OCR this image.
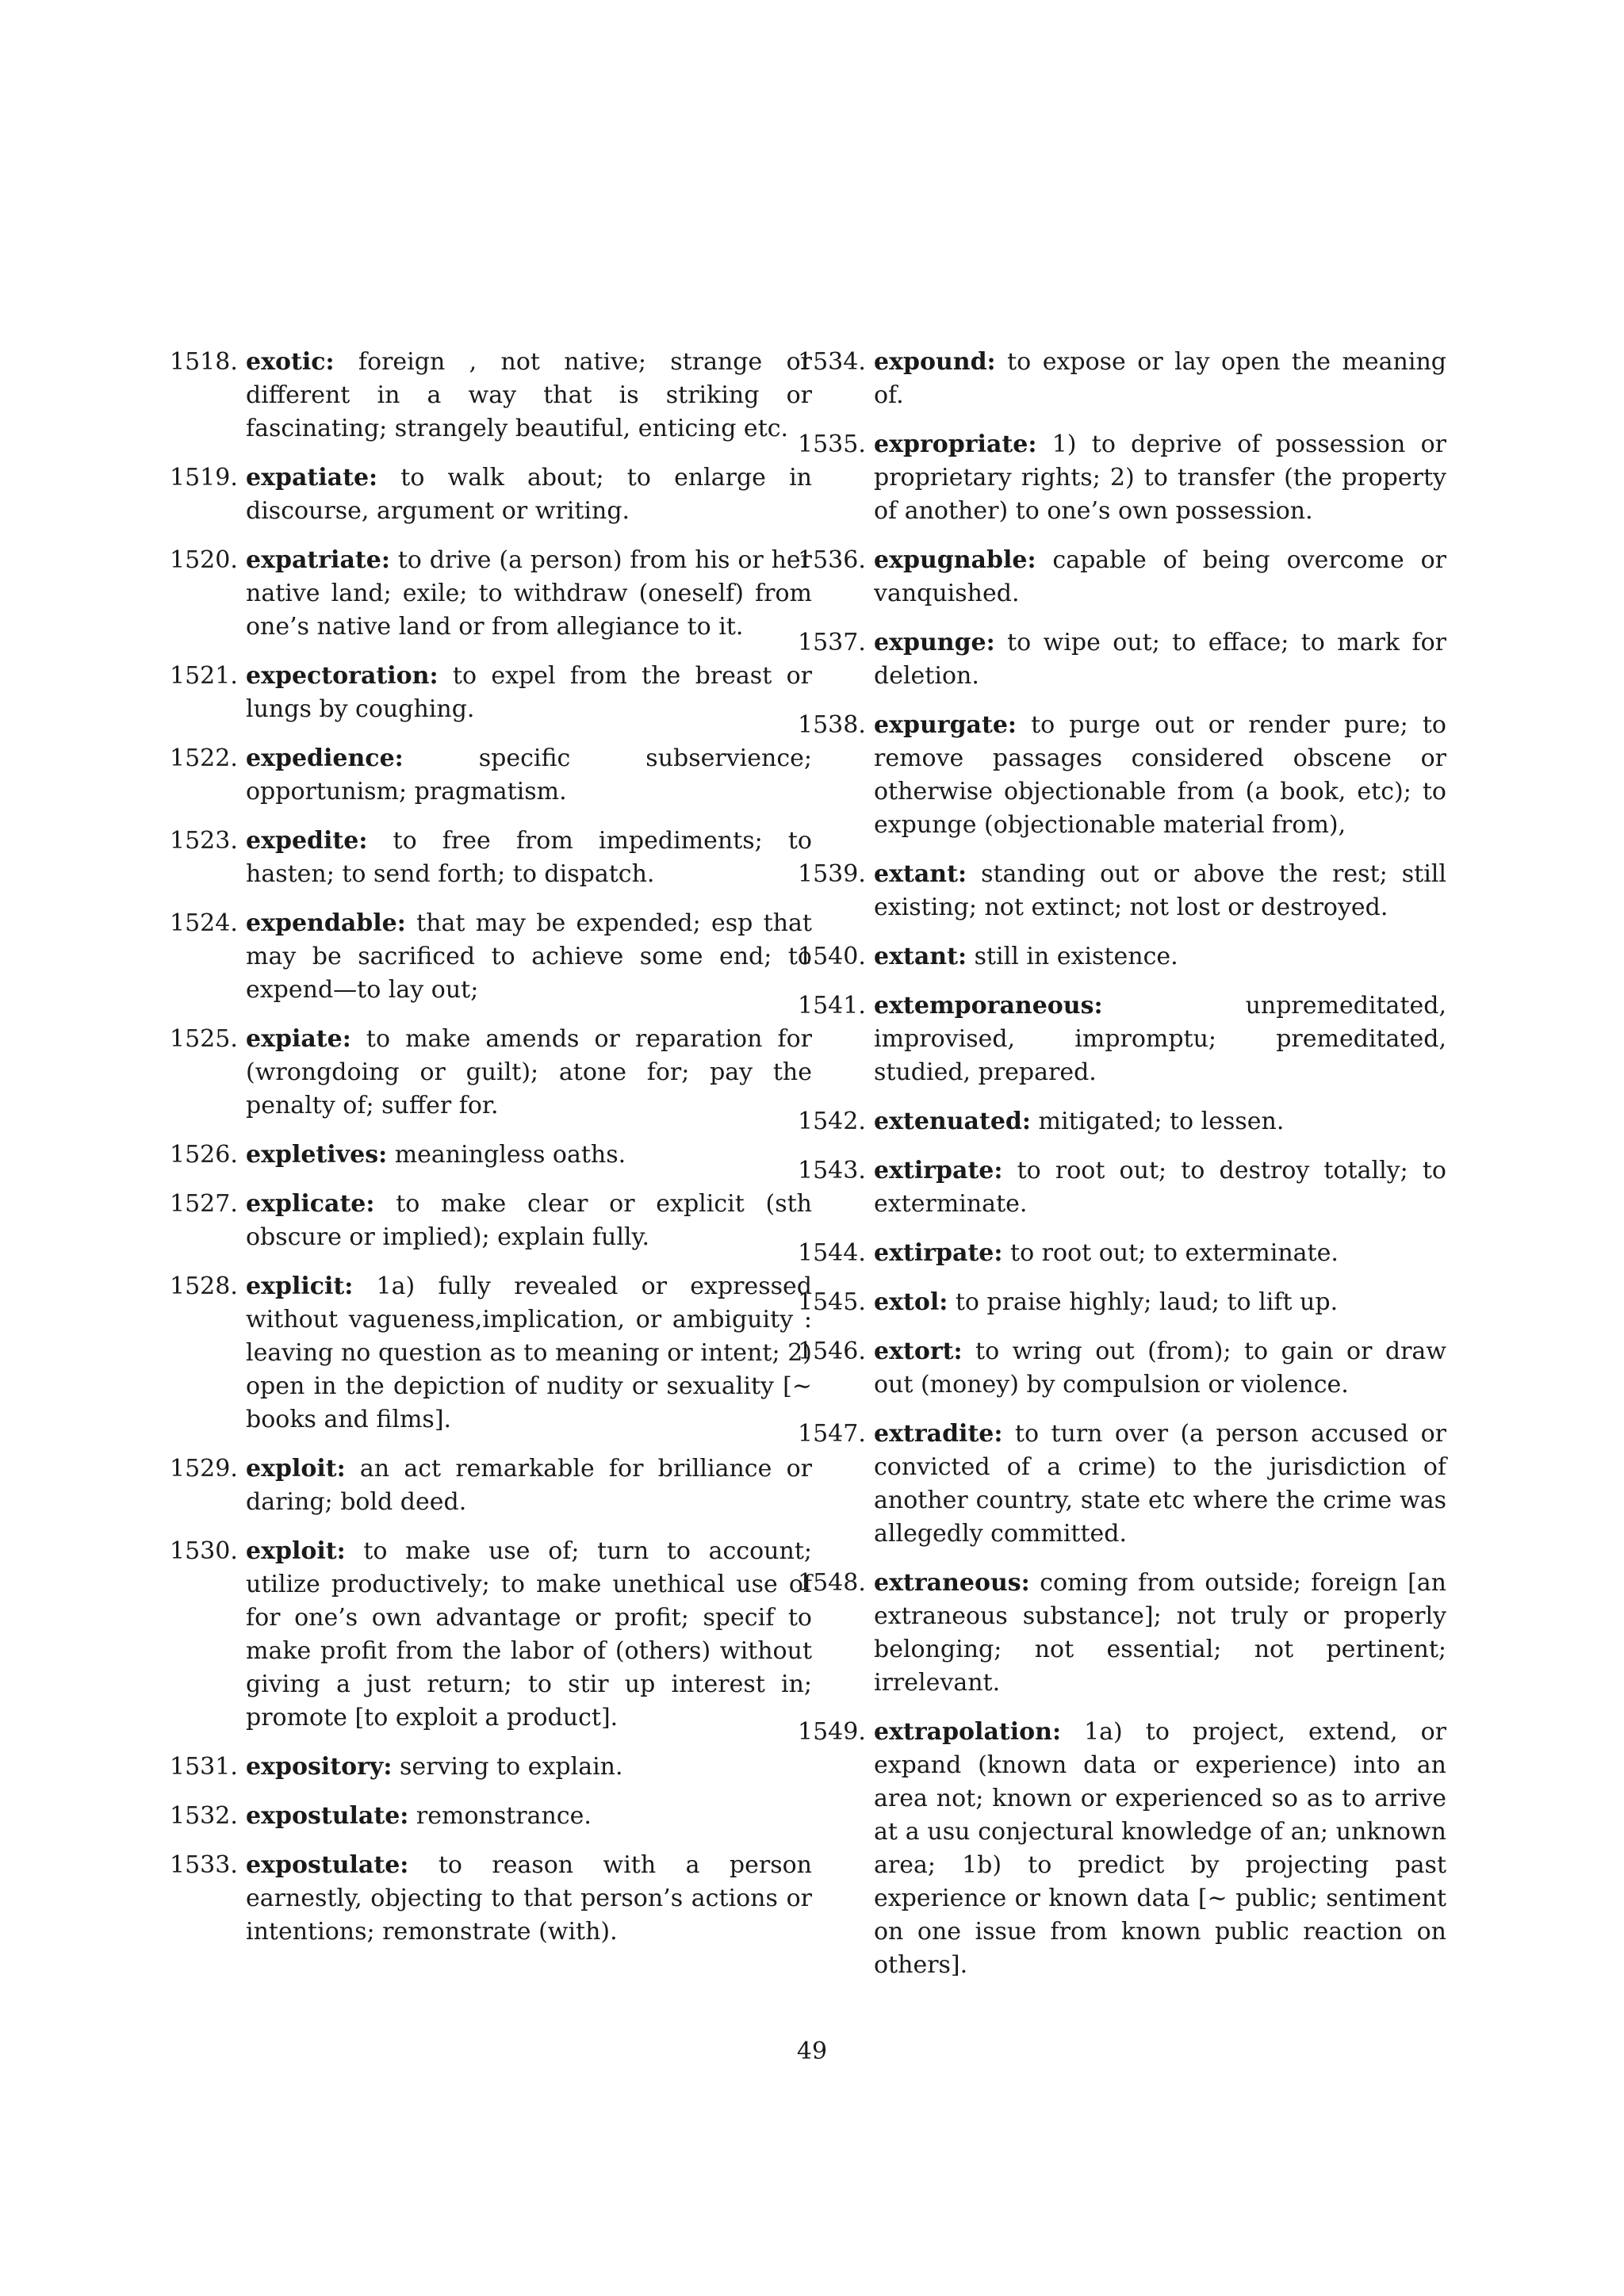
1518. exotic: foreign , not native; strange or different in a way that is striking or fascinating; strangely beautiful, enticing etc.
1519. expatiate: to walk about; to enlarge in discourse, argument or writing.
1520. expatriate: to drive (a person) from his or her native land; exile; to withdraw (oneself) from one’s native land or from allegiance to it.
1521. expectoration: to expel from the breast or lungs by coughing.
1522. expedience:	specific subservience; opportunism; pragmatism.
1523. expedite: to free from impediments; to hasten; to send forth; to dispatch.
1524. expendable: that may be expended; esp that may be sacrificed to achieve some end; to expend—to lay out;
1525. expiate: to make amends or reparation for (wrongdoing or guilt); atone for; pay the penalty of; suffer for.
1526. expletives: meaningless oaths.
1527. explicate: to make clear or explicit (sth obscure or implied); explain fully.
1528. explicit: 1a) fully revealed or expressed without vagueness,implication, or ambiguity : leaving no question as to meaning or intent; 2) open in the depiction of nudity or sexuality [∼ books and films].
1529. exploit: an act remarkable for brilliance or daring; bold deed.
1530. exploit: to make use of; turn to account; utilize productively; to make unethical use of for one’s own advantage or profit; specif to make profit from the labor of (others) without giving a just return; to stir up interest in; promote [to exploit a product].
1531. expository: serving to explain.
1532. expostulate: remonstrance.
1533. expostulate: to reason with a person earnestly, objecting to that person’s actions or intentions; remonstrate (with).
1534. expound: to expose or lay open the meaning of.
1535. expropriate: 1) to deprive of possession or proprietary rights; 2) to transfer (the property of another) to one’s own possession.
1536. expugnable: capable of being overcome or vanquished.
1537. expunge: to wipe out; to efface; to mark for deletion.
1538. expurgate: to purge out or render pure; to remove passages considered obscene or otherwise objectionable from (a book, etc); to expunge (objectionable material from),
1539. extant: standing out or above the rest; still existing; not extinct; not lost or destroyed.
1540. extant: still in existence.
1541. extemporaneous:	unpremeditated, improvised, impromptu; premeditated, studied, prepared.
1542. extenuated: mitigated; to lessen.
1543. extirpate: to root out; to destroy totally; to exterminate.
1544. extirpate: to root out; to exterminate.
1545. extol: to praise highly; laud; to lift up.
1546. extort: to wring out (from); to gain or draw out (money) by compulsion or violence.
1547. extradite: to turn over (a person accused or convicted of a crime) to the jurisdiction of another country, state etc where the crime was allegedly committed.
1548. extraneous: coming from outside; foreign [an extraneous substance]; not truly or properly belonging; not essential; not pertinent; irrelevant.
1549. extrapolation: 1a) to project, extend, or expand (known data or experience) into an area not; known or experienced so as to arrive at a usu conjectural knowledge of an; unknown area; 1b) to predict by projecting past experience or known data [∼ public; sentiment on one issue from known public reaction on others].
49
